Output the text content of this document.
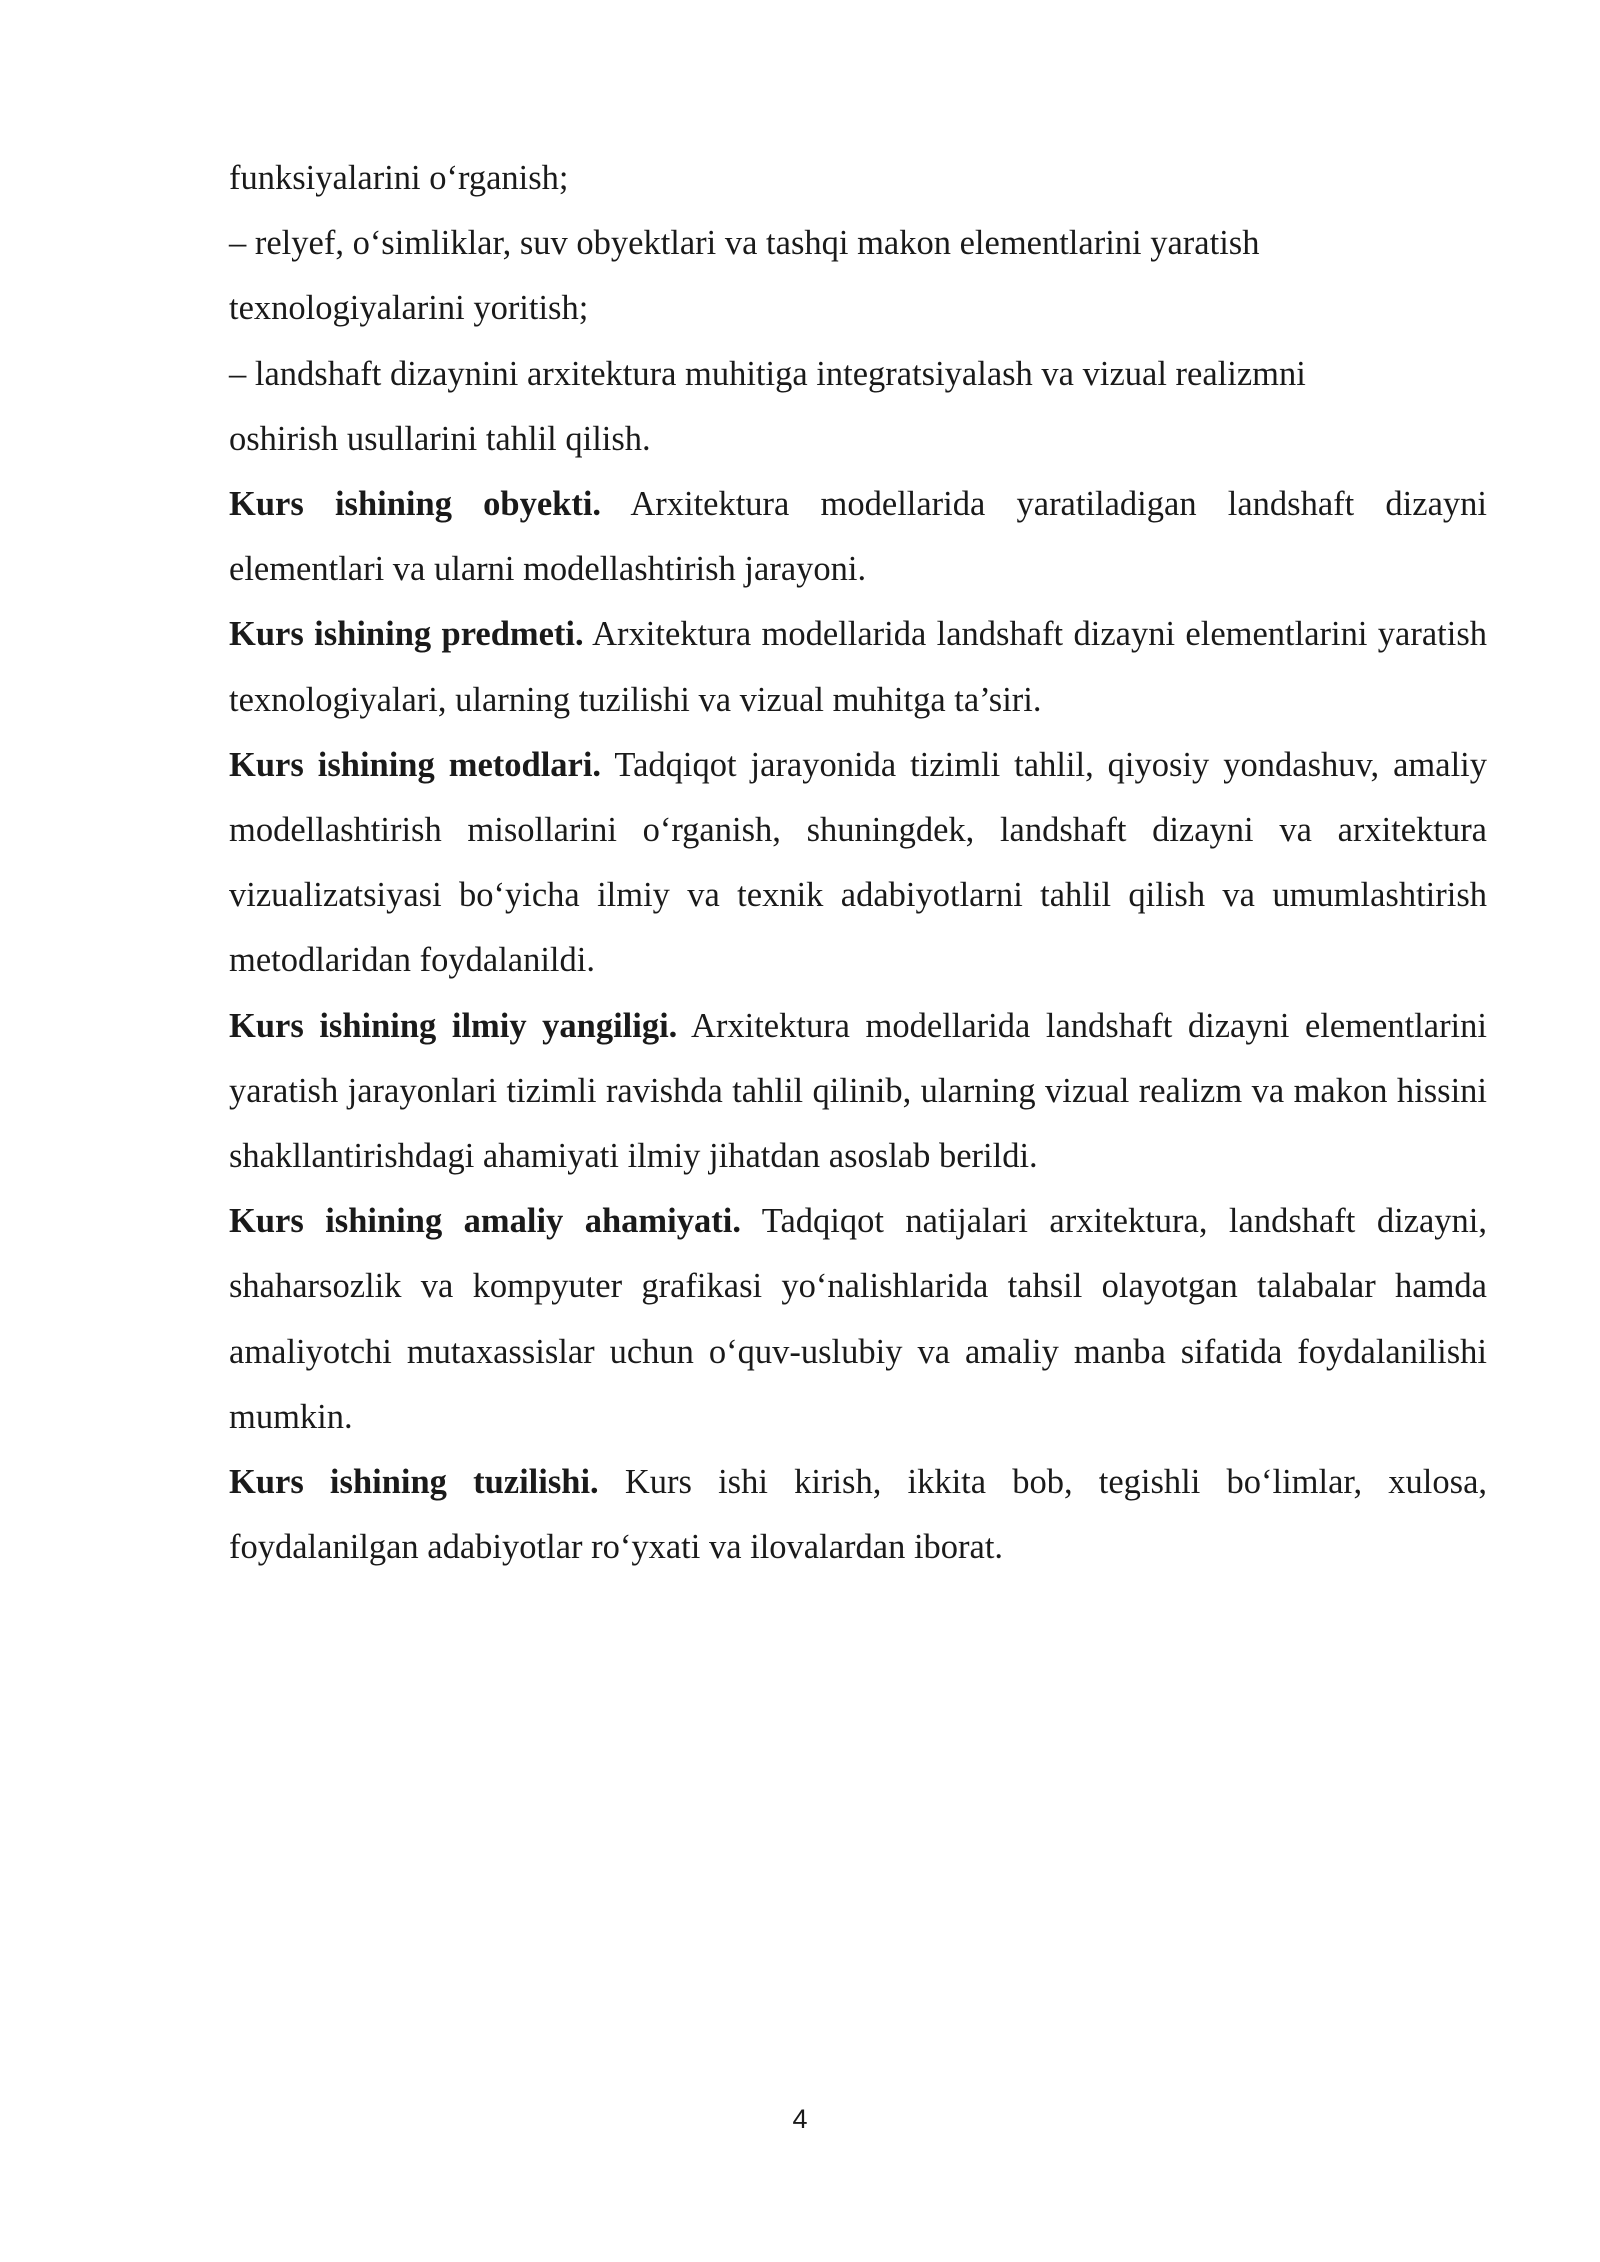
funksiyalarini o‘rganish;
– relyef, o‘simliklar, suv obyektlari va tashqi makon elementlarini yaratish
texnologiyalarini yoritish;
– landshaft dizaynini arxitektura muhitiga integratsiyalash va vizual realizmni
oshirish usullarini tahlil qilish.

Kurs ishining obyekti. Arxitektura modellarida yaratiladigan landshaft dizayni elementlari va ularni modellashtirish jarayoni.

Kurs ishining predmeti. Arxitektura modellarida landshaft dizayni elementlarini yaratish texnologiyalari, ularning tuzilishi va vizual muhitga ta’siri.

Kurs ishining metodlari. Tadqiqot jarayonida tizimli tahlil, qiyosiy yondashuv, amaliy modellashtirish misollarini o‘rganish, shuningdek, landshaft dizayni va arxitektura vizualizatsiyasi bo‘yicha ilmiy va texnik adabiyotlarni tahlil qilish va umumlashtirish metodlaridan foydalanildi.

Kurs ishining ilmiy yangiligi. Arxitektura modellarida landshaft dizayni elementlarini yaratish jarayonlari tizimli ravishda tahlil qilinib, ularning vizual realizm va makon hissini shakllantirishdagi ahamiyati ilmiy jihatdan asoslab berildi.

Kurs ishining amaliy ahamiyati. Tadqiqot natijalari arxitektura, landshaft dizayni, shaharsozlik va kompyuter grafikasi yo‘nalishlarida tahsil olayotgan talabalar hamda amaliyotchi mutaxassislar uchun o‘quv-uslubiy va amaliy manba sifatida foydalanilishi mumkin.

Kurs ishining tuzilishi. Kurs ishi kirish, ikkita bob, tegishli bo‘limlar, xulosa, foydalanilgan adabiyotlar ro‘yxati va ilovalardan iborat.

4
